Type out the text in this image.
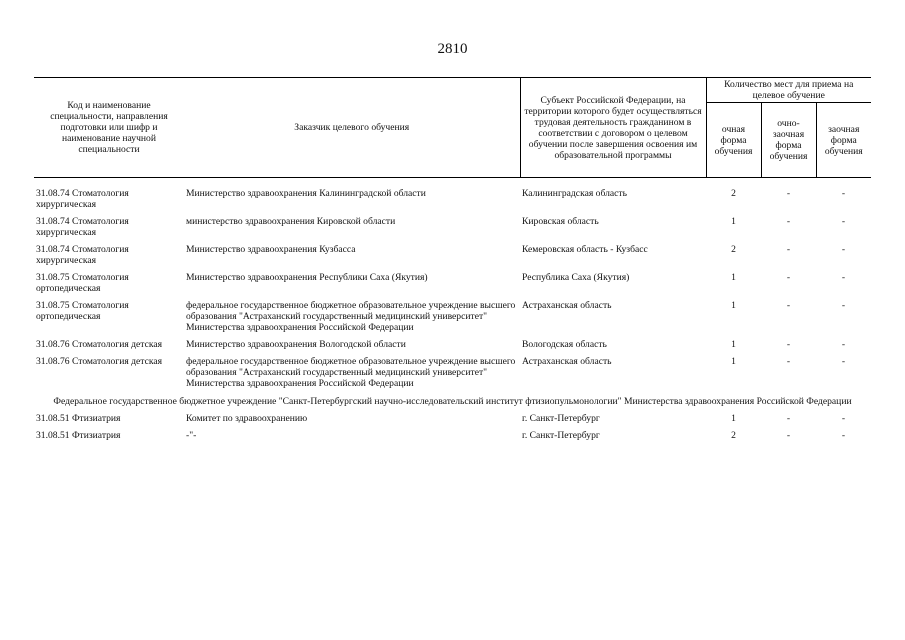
2810
Код и наименование специальности, направления подготовки или шифр и наименование научной специальности	Заказчик целевого обучения	Субъект Российской Федерации, на территории которого будет осуществляться трудовая деятельность гражданином в соответствии с договором о целевом обучении после завершения освоения им образовательной программы	Количество мест для приема на целевое обучение		
			очная форма обучения	очно-заочная форма обучения	заочная форма обучения

31.08.74 Стоматология хирургическая	Министерство здравоохранения Калининградской области	Калининградская область	2	-	-
31.08.74 Стоматология хирургическая	министерство здравоохранения Кировской области	Кировская область	1	-	-
31.08.74 Стоматология хирургическая	Министерство здравоохранения Кузбасса	Кемеровская область - Кузбасс	2	-	-
31.08.75 Стоматология ортопедическая	Министерство здравоохранения Республики Саха (Якутия)	Республика Саха (Якутия)	1	-	-
31.08.75 Стоматология ортопедическая	федеральное государственное бюджетное образовательное учреждение высшего образования "Астраханский государственный медицинский университет" Министерства здравоохранения Российской Федерации	Астраханская область	1	-	-
31.08.76 Стоматология детская	Министерство здравоохранения Вологодской области	Вологодская область	1	-	-
31.08.76 Стоматология детская	федеральное государственное бюджетное образовательное учреждение высшего образования "Астраханский государственный медицинский университет" Министерства здравоохранения Российской Федерации	Астраханская область	1	-	-
Федеральное государственное бюджетное учреждение "Санкт-Петербургский научно-исследовательский институт фтизиопульмонологии" Министерства здравоохранения Российской Федерации					
31.08.51 Фтизиатрия	Комитет по здравоохранению	г. Санкт-Петербург	1	-	-
31.08.51 Фтизиатрия	-"-	г. Санкт-Петербург	2	-	-
